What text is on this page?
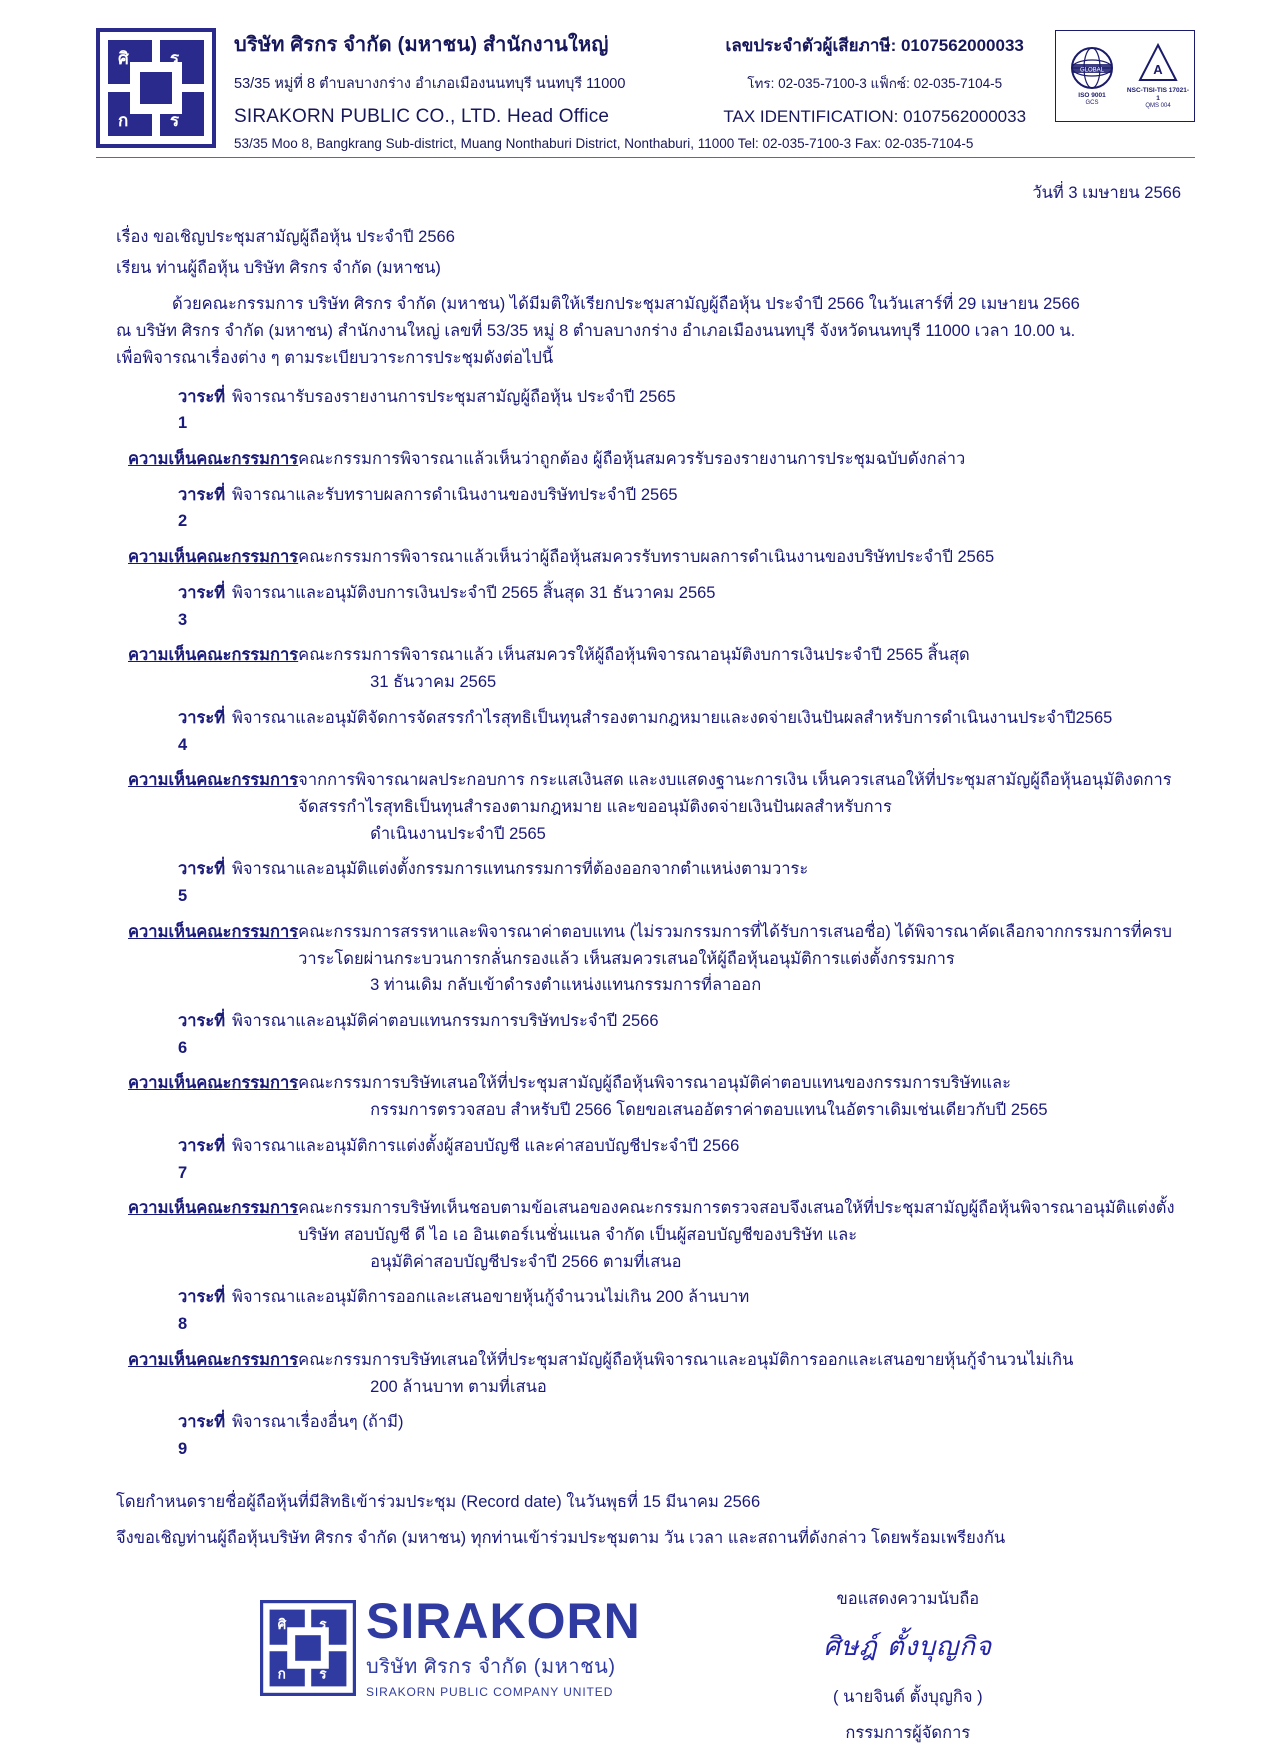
ศิ ร
ก ร
บริษัท ศิรกร จำกัด (มหาชน) สำนักงานใหญ่	เลขประจำตัวผู้เสียภาษี: 0107562000033
53/35 หมู่ที่ 8 ตำบลบางกร่าง อำเภอเมืองนนทบุรี นนทบุรี 11000	โทร: 02-035-7100-3 แฟ็กซ์: 02-035-7104-5
SIRAKORN PUBLIC CO., LTD. Head Office	TAX IDENTIFICATION: 0107562000033
53/35 Moo 8, Bangkrang Sub-district, Muang Nonthaburi District, Nonthaburi, 11000 Tel: 02-035-7100-3 Fax: 02-035-7104-5
GLOBAL
ISO 9001
GCS
A
NSC-TISI-TIS 17021-1
QMS 004
วันที่ 3 เมษายน 2566
เรื่อง ขอเชิญประชุมสามัญผู้ถือหุ้น ประจำปี 2566
เรียน ท่านผู้ถือหุ้น บริษัท ศิรกร จำกัด (มหาชน)
ด้วยคณะกรรมการ บริษัท ศิรกร จำกัด (มหาชน) ได้มีมติให้เรียกประชุมสามัญผู้ถือหุ้น ประจำปี 2566 ในวันเสาร์ที่ 29 เมษายน 2566
ณ บริษัท ศิรกร จำกัด (มหาชน) สำนักงานใหญ่ เลขที่ 53/35 หมู่ 8 ตำบลบางกร่าง อำเภอเมืองนนทบุรี จังหวัดนนทบุรี 11000 เวลา 10.00 น.
เพื่อพิจารณาเรื่องต่าง ๆ ตามระเบียบวาระการประชุมดังต่อไปนี้
วาระที่ 1
พิจารณารับรองรายงานการประชุมสามัญผู้ถือหุ้น ประจำปี 2565
ความเห็นคณะกรรมการ คณะกรรมการพิจารณาแล้วเห็นว่าถูกต้อง ผู้ถือหุ้นสมควรรับรองรายงานการประชุมฉบับดังกล่าว
วาระที่ 2
พิจารณาและรับทราบผลการดำเนินงานของบริษัทประจำปี 2565
ความเห็นคณะกรรมการ คณะกรรมการพิจารณาแล้วเห็นว่าผู้ถือหุ้นสมควรรับทราบผลการดำเนินงานของบริษัทประจำปี 2565
วาระที่ 3
พิจารณาและอนุมัติงบการเงินประจำปี 2565 สิ้นสุด 31 ธันวาคม 2565
ความเห็นคณะกรรมการ คณะกรรมการพิจารณาแล้ว เห็นสมควรให้ผู้ถือหุ้นพิจารณาอนุมัติงบการเงินประจำปี 2565 สิ้นสุด
31 ธันวาคม 2565
วาระที่ 4
พิจารณาและอนุมัติจัดการจัดสรรกำไรสุทธิเป็นทุนสำรองตามกฎหมายและงดจ่ายเงินปันผลสำหรับการดำเนินงานประจำปี2565
ความเห็นคณะกรรมการ จากการพิจารณาผลประกอบการ กระแสเงินสด และงบแสดงฐานะการเงิน เห็นควรเสนอให้ที่ประชุมสามัญผู้ถือหุ้นอนุมัติงดการจัดสรรกำไรสุทธิเป็นทุนสำรองตามกฎหมาย และขออนุมัติงดจ่ายเงินปันผลสำหรับการ
ดำเนินงานประจำปี 2565
วาระที่ 5
พิจารณาและอนุมัติแต่งตั้งกรรมการแทนกรรมการที่ต้องออกจากตำแหน่งตามวาระ
ความเห็นคณะกรรมการ คณะกรรมการสรรหาและพิจารณาค่าตอบแทน (ไม่รวมกรรมการที่ได้รับการเสนอชื่อ) ได้พิจารณาคัดเลือกจากกรรมการที่ครบวาระโดยผ่านกระบวนการกลั่นกรองแล้ว เห็นสมควรเสนอให้ผู้ถือหุ้นอนุมัติการแต่งตั้งกรรมการ
3 ท่านเดิม กลับเข้าดำรงตำแหน่งแทนกรรมการที่ลาออก
วาระที่ 6
พิจารณาและอนุมัติค่าตอบแทนกรรมการบริษัทประจำปี 2566
ความเห็นคณะกรรมการ คณะกรรมการบริษัทเสนอให้ที่ประชุมสามัญผู้ถือหุ้นพิจารณาอนุมัติค่าตอบแทนของกรรมการบริษัทและ
กรรมการตรวจสอบ สำหรับปี 2566 โดยขอเสนออัตราค่าตอบแทนในอัตราเดิมเช่นเดียวกับปี 2565
วาระที่ 7
พิจารณาและอนุมัติการแต่งตั้งผู้สอบบัญชี และค่าสอบบัญชีประจำปี 2566
ความเห็นคณะกรรมการ คณะกรรมการบริษัทเห็นชอบตามข้อเสนอของคณะกรรมการตรวจสอบจึงเสนอให้ที่ประชุมสามัญผู้ถือหุ้นพิจารณาอนุมัติแต่งตั้ง บริษัท สอบบัญชี ดี ไอ เอ อินเตอร์เนชั่นแนล จำกัด เป็นผู้สอบบัญชีของบริษัท และ
อนุมัติค่าสอบบัญชีประจำปี 2566 ตามที่เสนอ
วาระที่ 8
พิจารณาและอนุมัติการออกและเสนอขายหุ้นกู้จำนวนไม่เกิน 200 ล้านบาท
ความเห็นคณะกรรมการ คณะกรรมการบริษัทเสนอให้ที่ประชุมสามัญผู้ถือหุ้นพิจารณาและอนุมัติการออกและเสนอขายหุ้นกู้จำนวนไม่เกิน
200 ล้านบาท ตามที่เสนอ
วาระที่ 9
พิจารณาเรื่องอื่นๆ (ถ้ามี)
โดยกำหนดรายชื่อผู้ถือหุ้นที่มีสิทธิเข้าร่วมประชุม (Record date) ในวันพุธที่ 15 มีนาคม 2566
จึงขอเชิญท่านผู้ถือหุ้นบริษัท ศิรกร จำกัด (มหาชน) ทุกท่านเข้าร่วมประชุมตาม วัน เวลา และสถานที่ดังกล่าว โดยพร้อมเพรียงกัน
ศิ ร
ก ร
SIRAKORN
บริษัท ศิรกร จำกัด (มหาชน)
SIRAKORN PUBLIC COMPANY UNITED
ขอแสดงความนับถือ
ศิษฎ์ ตั้งบุญกิจ
( นายจินต์ ตั้งบุญกิจ )
กรรมการผู้จัดการ
